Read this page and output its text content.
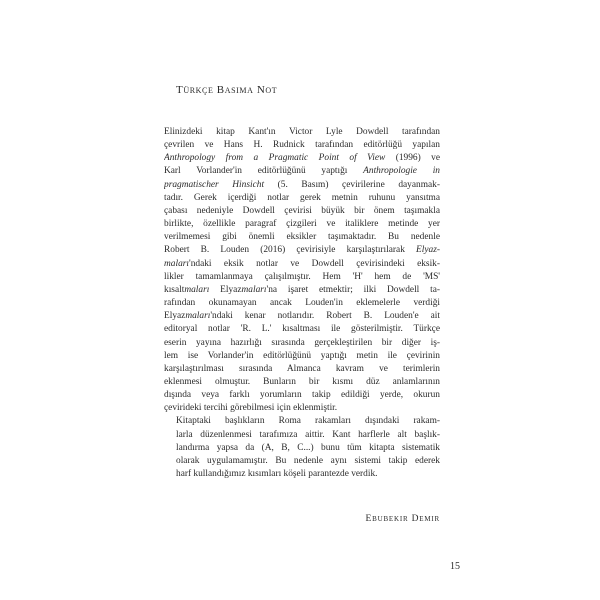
Türkçe Basıma Not

Elinizdeki kitap Kant'ın Victor Lyle Dowdell tarafından
çevrilen ve Hans H. Rudnick tarafından editörlüğü yapılan
Anthropology from a Pragmatic Point of View (1996) ve
Karl Vorlander'in editörlüğünü yaptığı Anthropologie in
pragmatischer Hinsicht (5. Basım) çevirilerine dayanmak-
tadır. Gerek içerdiği notlar gerek metnin ruhunu yansıtma
çabası nedeniyle Dowdell çevirisi büyük bir önem taşımakla
birlikte, özellikle paragraf çizgileri ve italiklere metinde yer
verilmemesi gibi önemli eksikler taşımaktadır. Bu nedenle
Robert B. Louden (2016) çevirisiyle karşılaştırılarak Elyaz-
maları'ndaki eksik notlar ve Dowdell çevirisindeki eksik-
likler tamamlanmaya çalışılmıştır. Hem 'H' hem de 'MS'
kısaltmaları Elyazmaları'na işaret etmektir; ilki Dowdell ta-
rafından okunamayan ancak Louden'in eklemelerle verdiği
Elyazmaları'ndaki kenar notlarıdır. Robert B. Louden'e ait
editoryal notlar 'R. L.' kısaltması ile gösterilmiştir. Türkçe
eserin yayına hazırlığı sırasında gerçekleştirilen bir diğer iş-
lem ise Vorlander'in editörlüğünü yaptığı metin ile çevirinin
karşılaştırılması sırasında Almanca kavram ve terimlerin
eklenmesi olmuştur. Bunların bir kısmı düz anlamlarının
dışında veya farklı yorumların takip edildiği yerde, okurun
çevirideki tercihi görebilmesi için eklenmiştir.

Kitaptaki başlıkların Roma rakamları dışındaki rakam-
larla düzenlenmesi tarafımıza aittir. Kant harflerle alt başlık-
landırma yapsa da (A, B, C...) bunu tüm kitapta sistematik
olarak uygulamamıştır. Bu nedenle aynı sistemi takip ederek
harf kullandığımız kısımları köşeli parantezde verdik.

Ebubekir Demir
15
